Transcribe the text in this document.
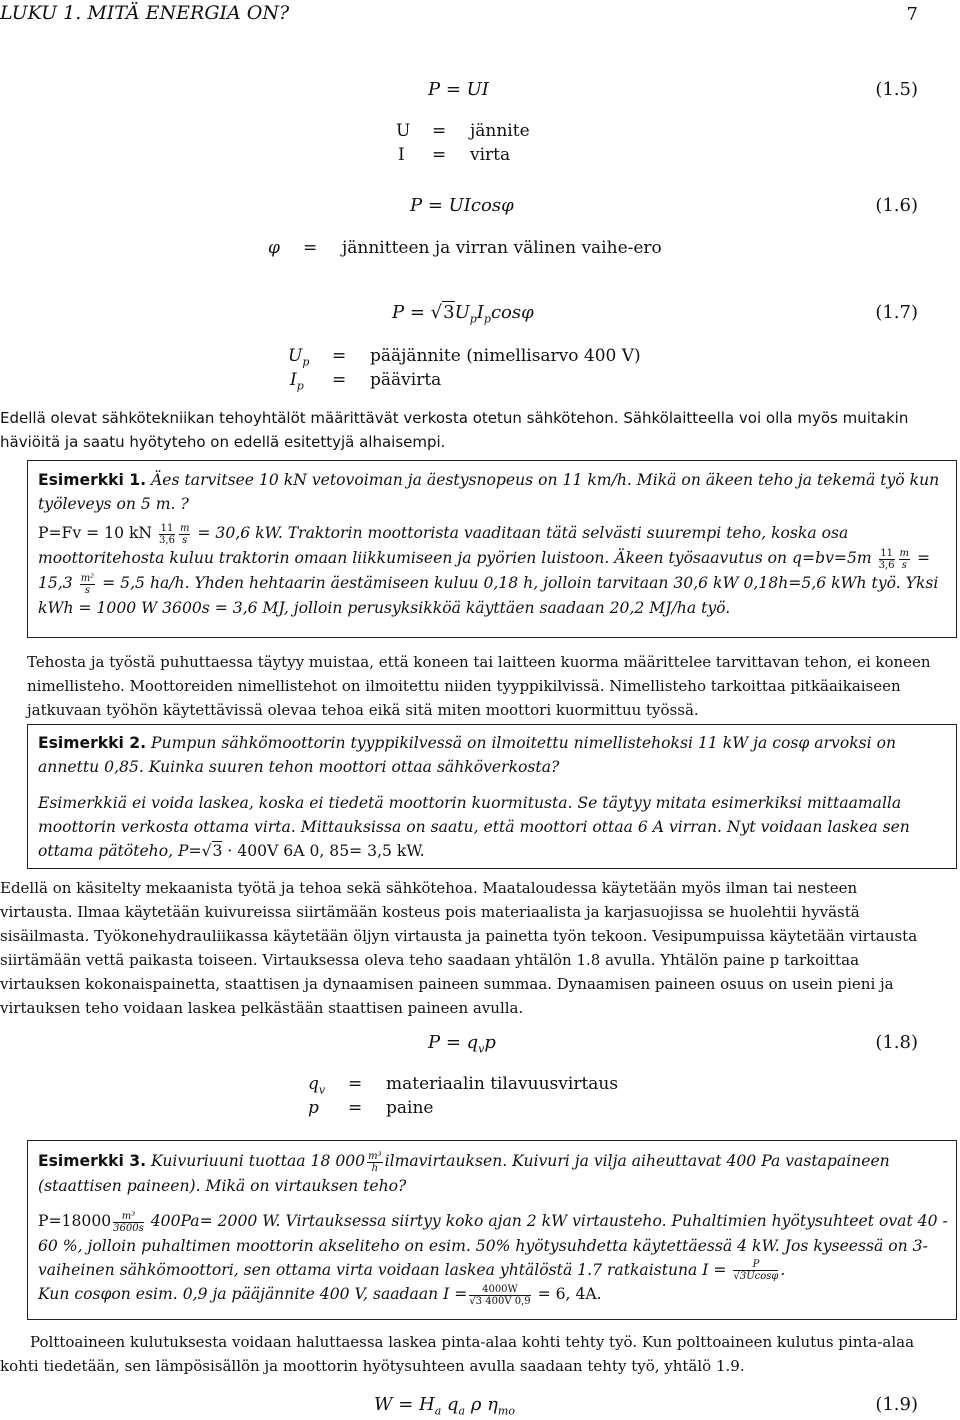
LUKU 1. MITÄ ENERGIA ON?	7
P = UI	(1.5)
U = jännite
I = virta
P = UIcosφ	(1.6)
φ = jännitteen ja virran välinen vaihe-ero
$P = √3U_pI_p\cos\varphi$	(1.7)
$U_p$ = pääjännite (nimellisarvo 400 V)
$I_p$ = päävirta
Edellä olevat sähkötekniikan tehoyhtälöt määrittävät verkosta otetun sähkötehon. Sähkölaitteella voi olla myös muitakin häviöitä ja saatu hyötyteho on edellä esitettyjä alhaisempi.
Esimerkki 1. Äes tarvitsee 10 kN vetovoiman ja äestysnopeus on 11 km/h. Mikä on äkeen teho ja tekemä työ kun työleveys on 5 m. ?
P=Fv = 10 kN $\frac{11}{3,6} \frac{m}{s} = 30,6$ kW. Traktorin moottorista vaaditaan tätä selvästi suurempi teho, koska osa moottoritehosta kuluu traktorin omaan liikkumiseen ja pyörien luistoon. Äkeen työsaavutus on $q=bv=5m \frac{11}{3,6} \frac{m}{s} = 15,3 \frac{\text{m²}}{s} = 5,5$ ha/h. Yhden hehtaarin äestämiseen kuluu 0,18 h, jolloin tarvitaan 30,6 kW 0,18h=5,6 kWh työ. Yksi kWh = 1000 W 3600s = 3,6 MJ, jolloin perusyksikköä käyttäen saadaan 20,2 MJ/ha työ.
Tehosta ja työstä puhuttaessa täytyy muistaa, että koneen tai laitteen kuorma määrittelee tarvittavan tehon, ei koneen nimellisteho. Moottoreiden nimellistehot on ilmoitettu niiden tyyppikilvissä. Nimellisteho tarkoittaa pitkäaikaiseen jatkuvaan työhön käytettävissä olevaa tehoa eikä sitä miten moottori kuormittuu työssä.
Esimerkki 2. Pumpun sähkömoottorin tyyppikilvessä on ilmoitettu nimellistehoksi 11 kW ja cosφ arvoksi on annettu 0,85. Kuinka suuren tehon moottori ottaa sähköverkosta?
Esimerkkiä ei voida laskea, koska ei tiedetä moottorin kuormitusta. Se täytyy mitata esimerkiksi mittaamalla moottorin verkosta ottama virta. Mittauksissa on saatu, että moottori ottaa 6 A virran. Nyt voidaan laskea sen ottama pätöteho, P=√3 · 400V 6A 0, 85= 3,5 kW.
Edellä on käsitelty mekaanista työtä ja tehoa sekä sähkötehoa. Maataloudessa käytetään myös ilman tai nesteen virtausta. Ilmaa käytetään kuivureissa siirtämään kosteus pois materiaalista ja karjasuojissa se huolehtii hyvästä sisäilmasta. Työkonehydrauliikassa käytetään öljyn virtausta ja painetta työn tekoon. Vesipumpuissa käytetään virtausta siirtämään vettä paikasta toiseen. Virtauksessa oleva teho saadaan yhtälön 1.8 avulla. Yhtälön paine p tarkoittaa virtauksen kokonaispainetta, staattisen ja dynaamisen paineen summaa. Dynaamisen paineen osuus on usein pieni ja virtauksen teho voidaan laskea pelkästään staattisen paineen avulla.
$P = q_vp$	(1.8)
$q_v$ = materiaalin tilavuusvirtaus
p = paine
Esimerkki 3. Kuivuriuuni tuottaa 18 $000 \frac{\text{m³}}{h}$ ilmavirtauksen. Kuivuri ja vilja aiheuttavat 400 Pa vastapaineen (staattisen paineen). Mikä on virtauksen teho?
$P=18000 \frac{\text{m³}}{3600s} 400Pa= 2000$ W. Virtauksessa siirtyy koko ajan 2 kW virtausteho. Puhaltimien hyötysuhteet ovat 40 - 60 %, jolloin puhaltimen moottorin akseliteho on esim. 50% hyötysuhdetta käytettäessä 4 kW. Jos kyseessä on 3-vaiheinen sähkömoottori, sen ottama virta voidaan laskea yhtälöstä 1.7 ratkaistuna $I = \frac{P}{√3Ucos\varphi}$ .
Kun cosφon esim. 0,9 ja pääjännite 400 V, saadaan $I = \frac{4000W}{√3 400V 0,9} = 6$, 4A.
Polttoaineen kulutuksesta voidaan haluttaessa laskea pinta-alaa kohti tehty työ. Kun polttoaineen kulutus pinta-alaa kohti tiedetään, sen lämpösisällön ja moottorin hyötysuhteen avulla saadaan tehty työ, yhtälö 1.9.
$W = H_a$ $q_a$ ρ $\eta_{mo}$	(1.9)
